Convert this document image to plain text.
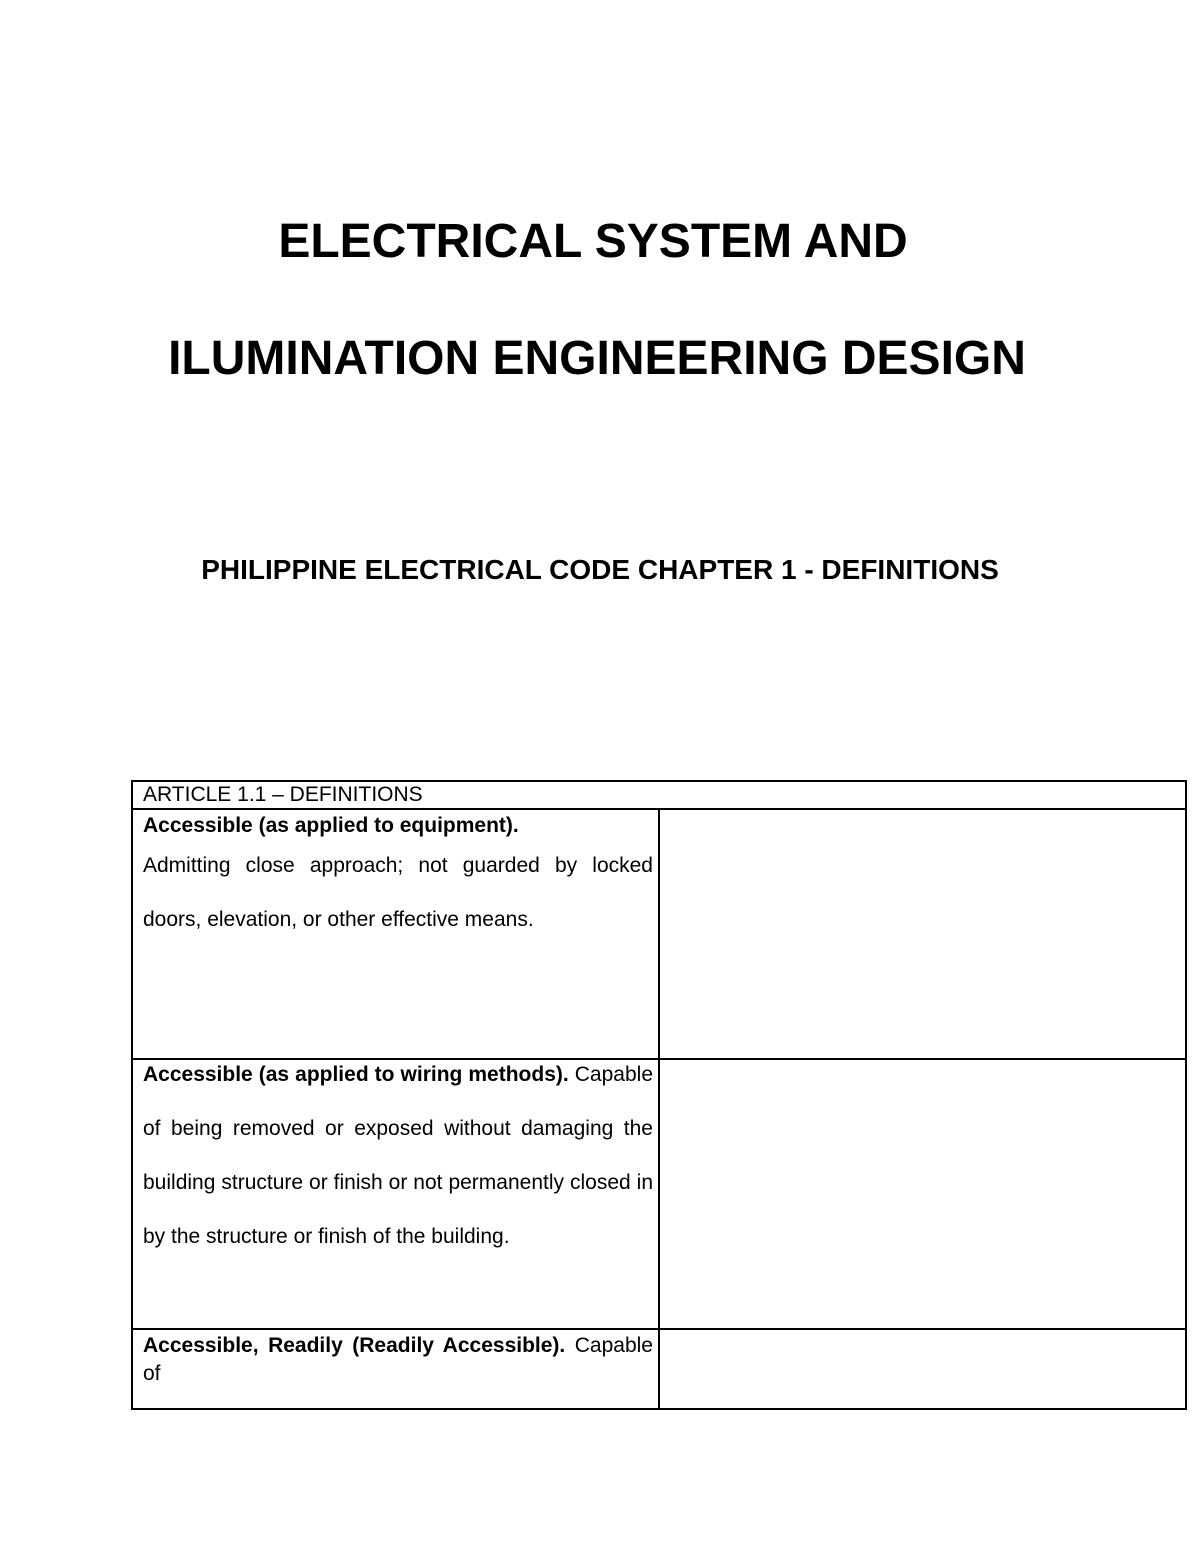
ELECTRICAL SYSTEM AND
ILUMINATION ENGINEERING DESIGN
PHILIPPINE ELECTRICAL CODE CHAPTER 1 - DEFINITIONS
ARTICLE 1.1 – DEFINITIONS	

Accessible (as applied to equipment).
Admitting close approach; not guarded by locked doors, elevation, or other effective means.	

Accessible (as applied to wiring methods). Capable of being removed or exposed without damaging the building structure or finish or not permanently closed in by the structure or finish of the building.	

Accessible, Readily (Readily Accessible). Capable of	
